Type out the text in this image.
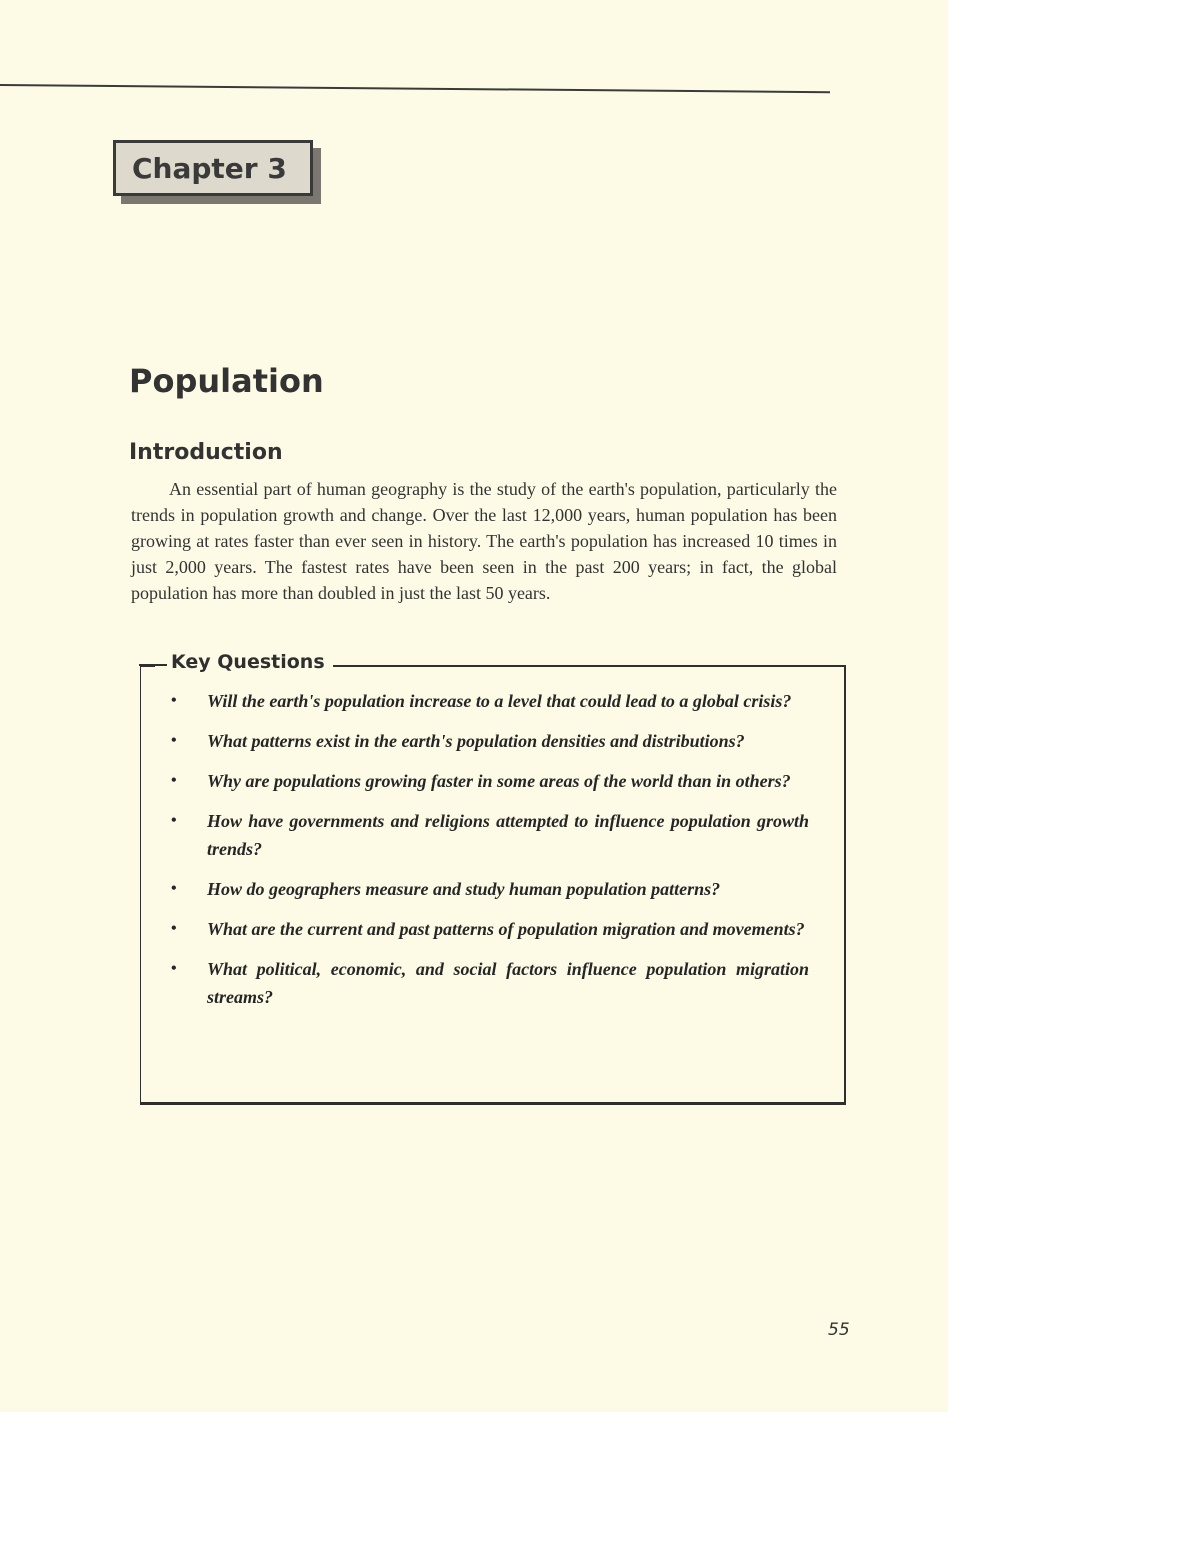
Chapter 3
Population
Introduction

An essential part of human geography is the study of the earth's population, particularly the trends in population growth and change. Over the last 12,000 years, human population has been growing at rates faster than ever seen in history. The earth's population has increased 10 times in just 2,000 years. The fastest rates have been seen in the past 200 years; in fact, the global population has more than doubled in just the last 50 years.

Key Questions
• Will the earth's population increase to a level that could lead to a global crisis?
• What patterns exist in the earth's population densities and distributions?
• Why are populations growing faster in some areas of the world than in others?
• How have governments and religions attempted to influence population growth trends?
• How do geographers measure and study human population patterns?
• What are the current and past patterns of population migration and movements?
• What political, economic, and social factors influence population migration streams?

55
